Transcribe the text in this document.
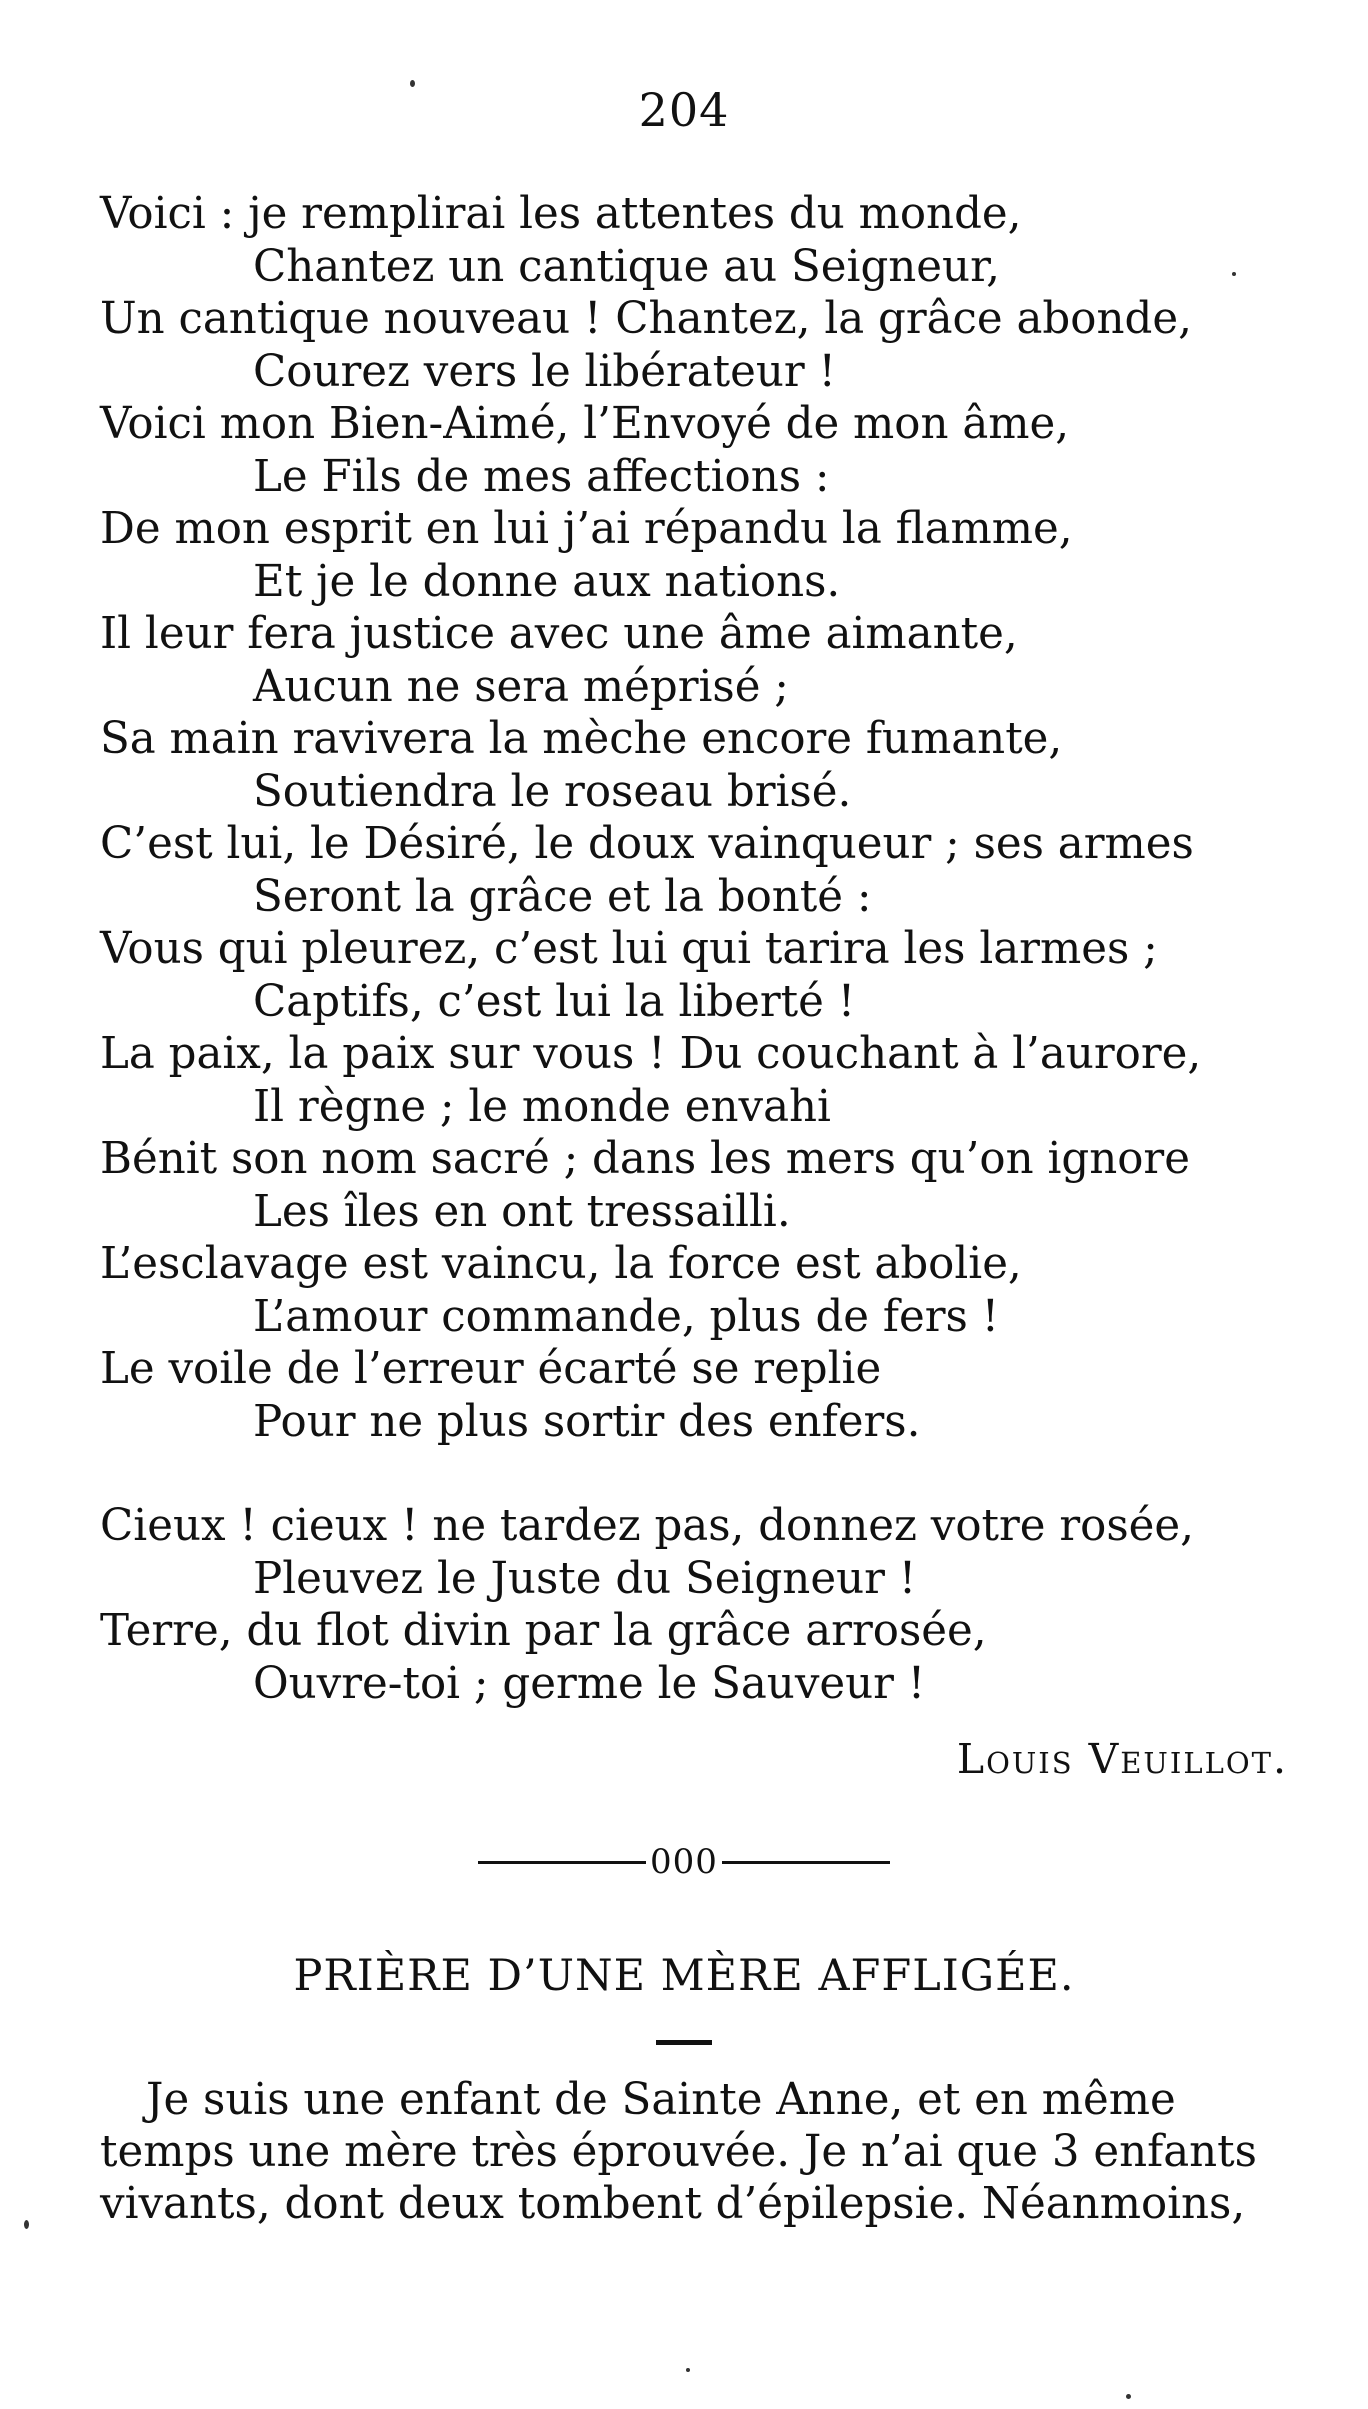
204
Voici : je remplirai les attentes du monde,
Chantez un cantique au Seigneur,
Un cantique nouveau ! Chantez, la grâce abonde,
Courez vers le libérateur !
Voici mon Bien-Aimé, l’Envoyé de mon âme,
Le Fils de mes affections :
De mon esprit en lui j’ai répandu la flamme,
Et je le donne aux nations.
Il leur fera justice avec une âme aimante,
Aucun ne sera méprisé ;
Sa main ravivera la mèche encore fumante,
Soutiendra le roseau brisé.
C’est lui, le Désiré, le doux vainqueur ; ses armes
Seront la grâce et la bonté :
Vous qui pleurez, c’est lui qui tarira les larmes ;
Captifs, c’est lui la liberté !
La paix, la paix sur vous ! Du couchant à l’aurore,
Il règne ; le monde envahi
Bénit son nom sacré ; dans les mers qu’on ignore
Les îles en ont tressailli.
L’esclavage est vaincu, la force est abolie,
L’amour commande, plus de fers !
Le voile de l’erreur écarté se replie
Pour ne plus sortir des enfers.
Cieux ! cieux ! ne tardez pas, donnez votre rosée,
Pleuvez le Juste du Seigneur !
Terre, du flot divin par la grâce arrosée,
Ouvre-toi ; germe le Sauveur !
Louis Veuillot.
000
PRIÈRE D’UNE MÈRE AFFLIGÉE.
Je suis une enfant de Sainte Anne, et en même
temps une mère très éprouvée. Je n’ai que 3 enfants
vivants, dont deux tombent d’épilepsie. Néanmoins,
